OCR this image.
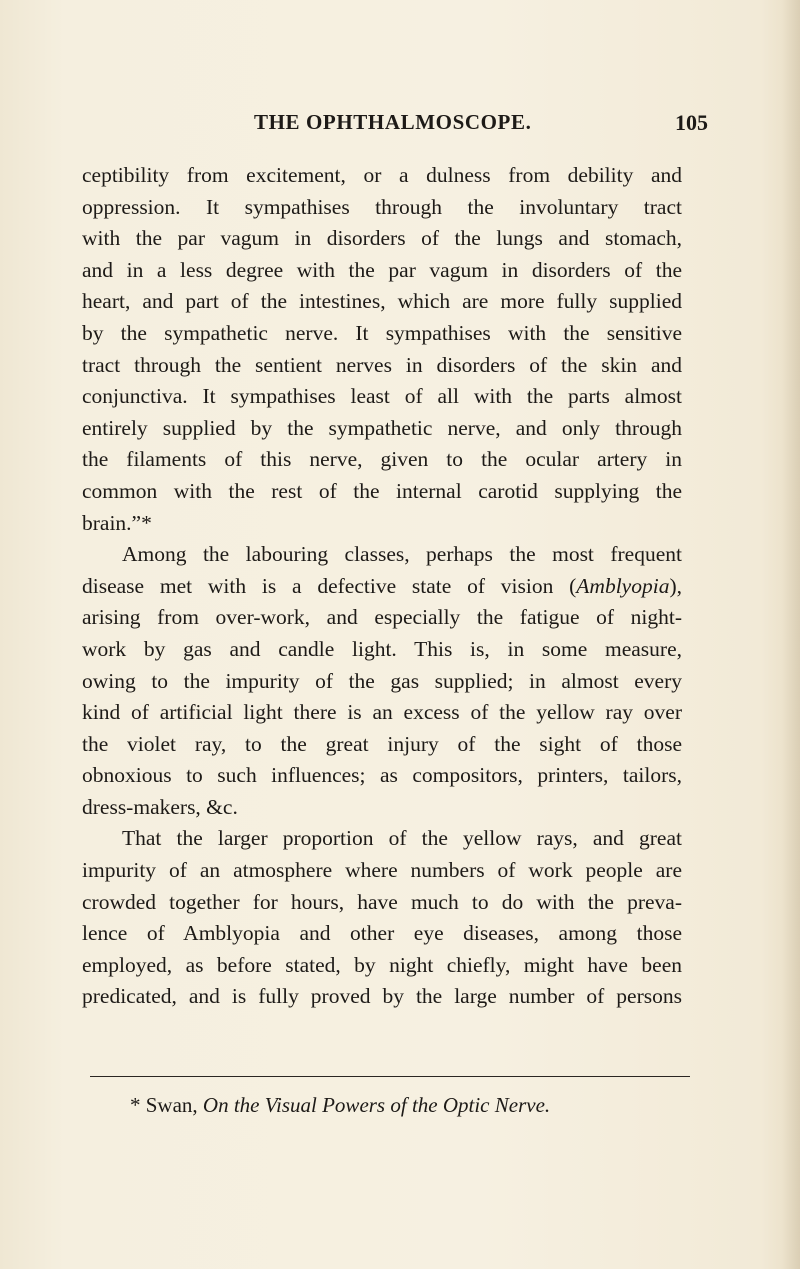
THE OPHTHALMOSCOPE.	105
ceptibility from excitement, or a dulness from debility and
oppression. It sympathises through the involuntary tract
with the par vagum in disorders of the lungs and stomach,
and in a less degree with the par vagum in disorders of the
heart, and part of the intestines, which are more fully supplied
by the sympathetic nerve. It sympathises with the sensitive
tract through the sentient nerves in disorders of the skin and
conjunctiva. It sympathises least of all with the parts almost
entirely supplied by the sympathetic nerve, and only through
the filaments of this nerve, given to the ocular artery in
common with the rest of the internal carotid supplying the
brain.”*
Among the labouring classes, perhaps the most frequent
disease met with is a defective state of vision (Amblyopia),
arising from over-work, and especially the fatigue of night-
work by gas and candle light. This is, in some measure,
owing to the impurity of the gas supplied; in almost every
kind of artificial light there is an excess of the yellow ray over
the violet ray, to the great injury of the sight of those
obnoxious to such influences; as compositors, printers, tailors,
dress-makers, &c.
That the larger proportion of the yellow rays, and great
impurity of an atmosphere where numbers of work people are
crowded together for hours, have much to do with the preva-
lence of Amblyopia and other eye diseases, among those
employed, as before stated, by night chiefly, might have been
predicated, and is fully proved by the large number of persons
* Swan, On the Visual Powers of the Optic Nerve.
